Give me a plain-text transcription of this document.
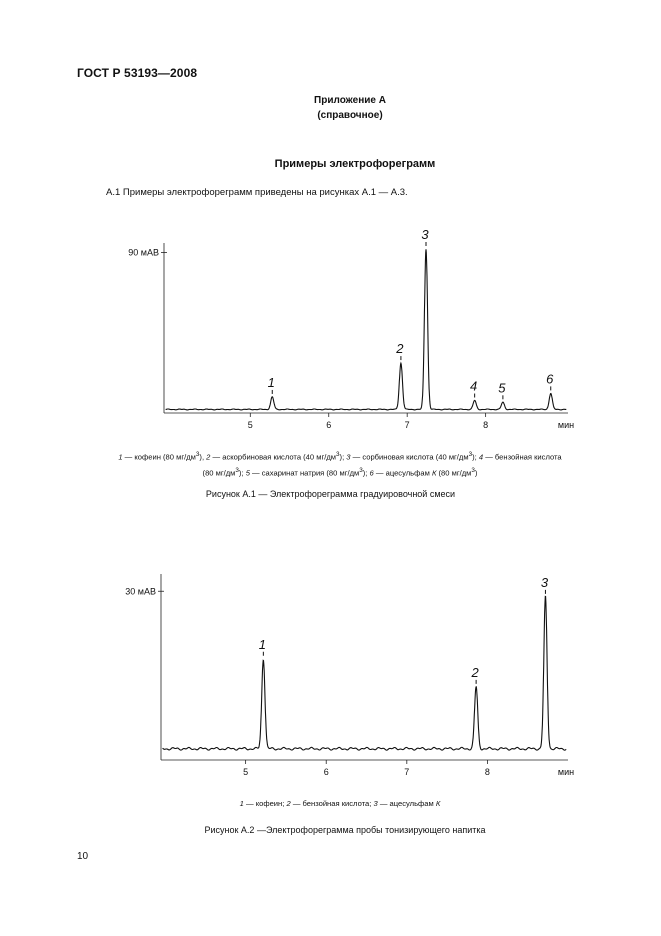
ГОСТ Р 53193—2008
Приложение А
(справочное)
Примеры электрофореграмм
А.1 Примеры электрофореграмм приведены на рисунках А.1 — А.3.
90 мАВ
5	6	7	8	мин
1
2
3
4 5
6
30 мАВ
5	6	7	8	мин
1
2
3
1 — кофеин (80 $мг/дм^3$), 2 — аскорбиновая кислота (40 $мг/дм^3$); 3 — сорбиновая кислота (40 $мг/дм^3$); 4 — бензойная кислота
(80 $мг/дм^3$); 5 — сахаринат натрия (80 $мг/дм^3$); 6 — ацесульфам К (80 $мг/дм^3$)
Рисунок А.1 — Электрофореграмма градуировочной смеси
1 — кофеин; 2 — бензойная кислота; 3 — ацесульфам К
Рисунок А.2 —Электрофореграмма пробы тонизирующего напитка
10
